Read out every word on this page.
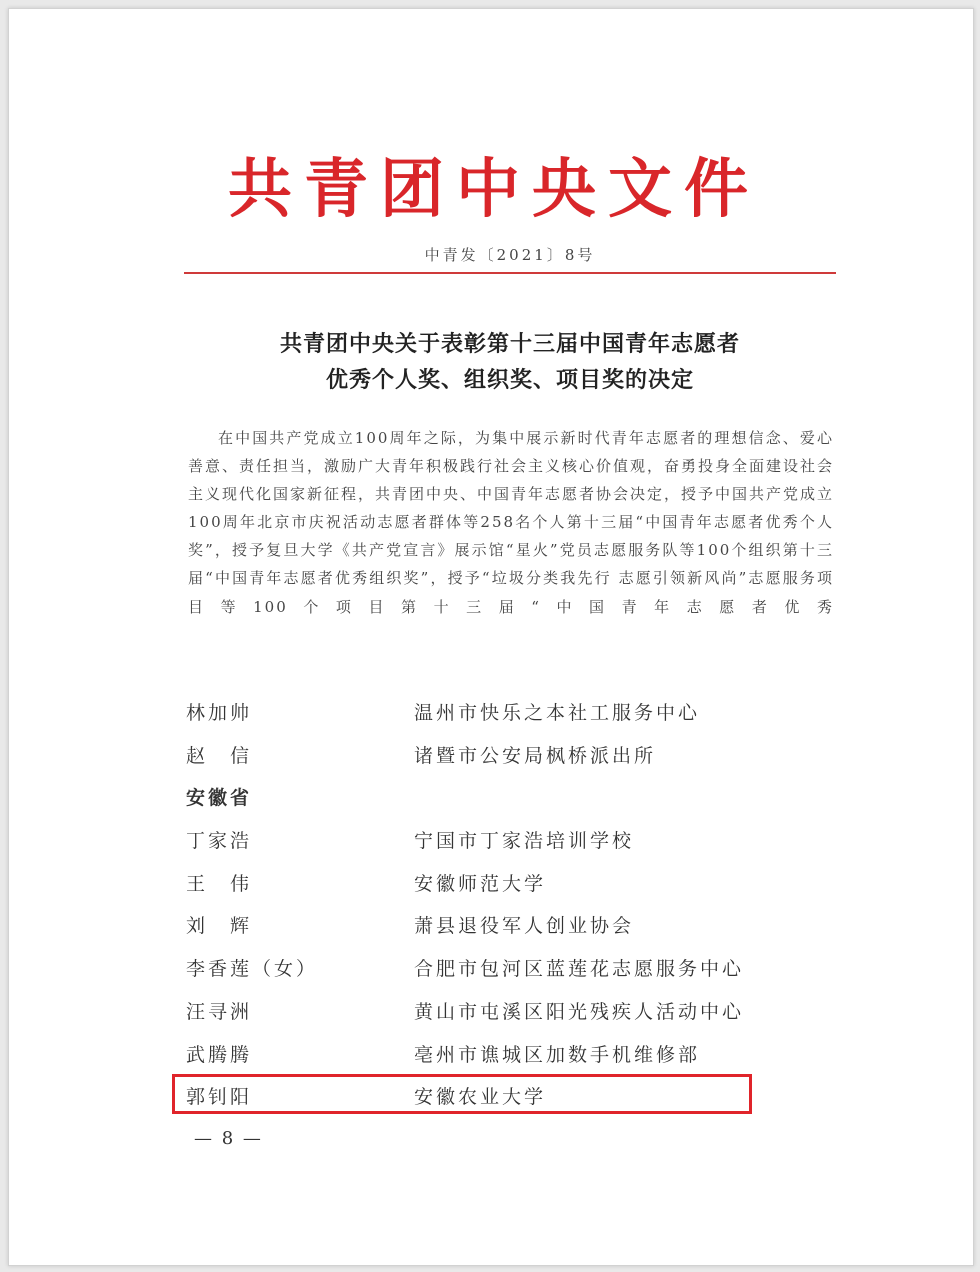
共青团中央文件
中青发〔2021〕8号
共青团中央关于表彰第十三届中国青年志愿者
优秀个人奖、组织奖、项目奖的决定
在中国共产党成立100周年之际，为集中展示新时代青年志愿者的理想信念、爱心善意、责任担当，激励广大青年积极践行社会主义核心价值观，奋勇投身全面建设社会主义现代化国家新征程，共青团中央、中国青年志愿者协会决定，授予中国共产党成立100周年北京市庆祝活动志愿者群体等258名个人第十三届“中国青年志愿者优秀个人奖”，授予复旦大学《共产党宣言》展示馆“星火”党员志愿服务队等100个组织第十三届“中国青年志愿者优秀组织奖”，授予“垃圾分类我先行 志愿引领新风尚”志愿服务项目等100个项目第十三届“中国青年志愿者优秀
林加帅	温州市快乐之本社工服务中心
赵　信	诸暨市公安局枫桥派出所
安徽省
丁家浩	宁国市丁家浩培训学校
王　伟	安徽师范大学
刘　辉	萧县退役军人创业协会
李香莲（女）	合肥市包河区蓝莲花志愿服务中心
汪寻洲	黄山市屯溪区阳光残疾人活动中心
武腾腾	亳州市谯城区加数手机维修部
郭钊阳	安徽农业大学
— 8 —
